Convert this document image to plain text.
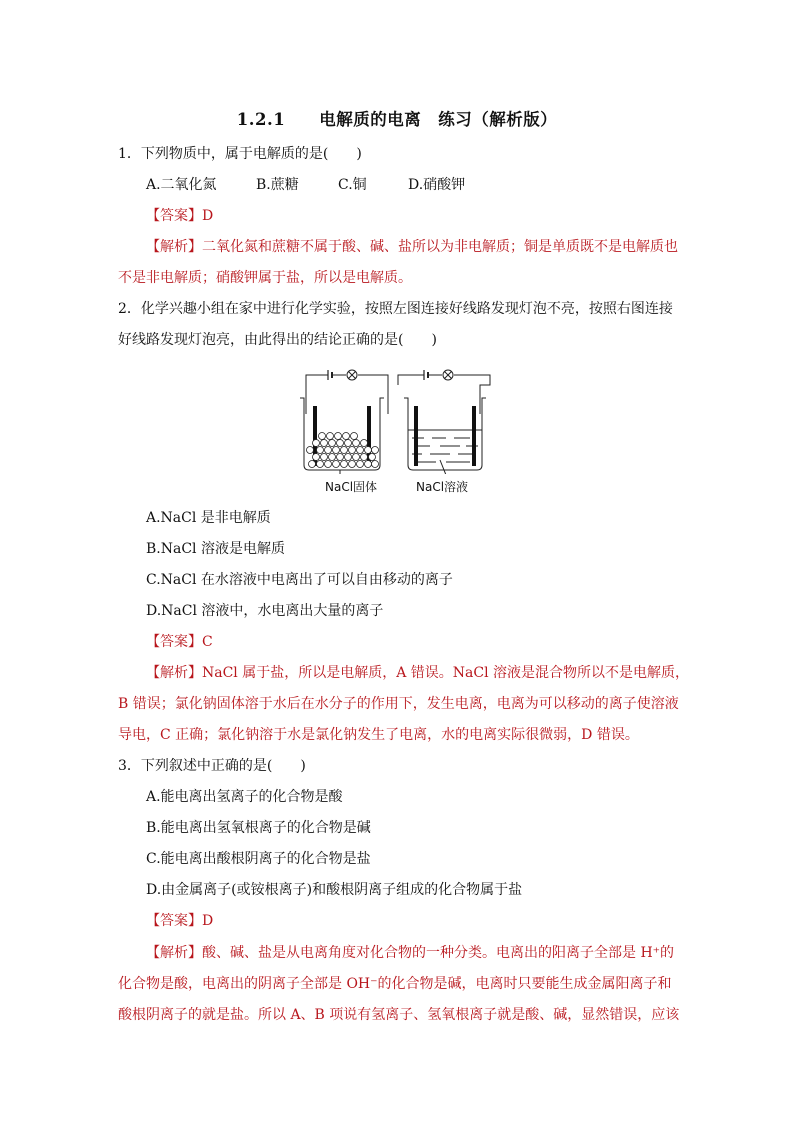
1.2.1 电解质的电离　练习（解析版）
1．下列物质中，属于电解质的是(　　)
A.二氧化氮	B.蔗糖	C.铜	D.硝酸钾
【答案】D
【解析】二氧化氮和蔗糖不属于酸、碱、盐所以为非电解质；铜是单质既不是电解质也
不是非电解质；硝酸钾属于盐，所以是电解质。
2．化学兴趣小组在家中进行化学实验，按照左图连接好线路发现灯泡不亮，按照右图连接
好线路发现灯泡亮，由此得出的结论正确的是(　　)
NaCl固体	NaCl溶液
A.NaCl 是非电解质
B.NaCl 溶液是电解质
C.NaCl 在水溶液中电离出了可以自由移动的离子
D.NaCl 溶液中，水电离出大量的离子
【答案】C
【解析】NaCl 属于盐，所以是电解质，A 错误。NaCl 溶液是混合物所以不是电解质，
B 错误；氯化钠固体溶于水后在水分子的作用下，发生电离，电离为可以移动的离子使溶液
导电，C 正确；氯化钠溶于水是氯化钠发生了电离，水的电离实际很微弱，D 错误。
3．下列叙述中正确的是(　　)
A.能电离出氢离子的化合物是酸
B.能电离出氢氧根离子的化合物是碱
C.能电离出酸根阴离子的化合物是盐
D.由金属离子(或铵根离子)和酸根阴离子组成的化合物属于盐
【答案】D
【解析】酸、碱、盐是从电离角度对化合物的一种分类。电离出的阳离子全部是 H⁺的
化合物是酸，电离出的阴离子全部是 OH⁻的化合物是碱，电离时只要能生成金属阳离子和
酸根阴离子的就是盐。所以 A、B 项说有氢离子、氢氧根离子就是酸、碱，显然错误，应该
